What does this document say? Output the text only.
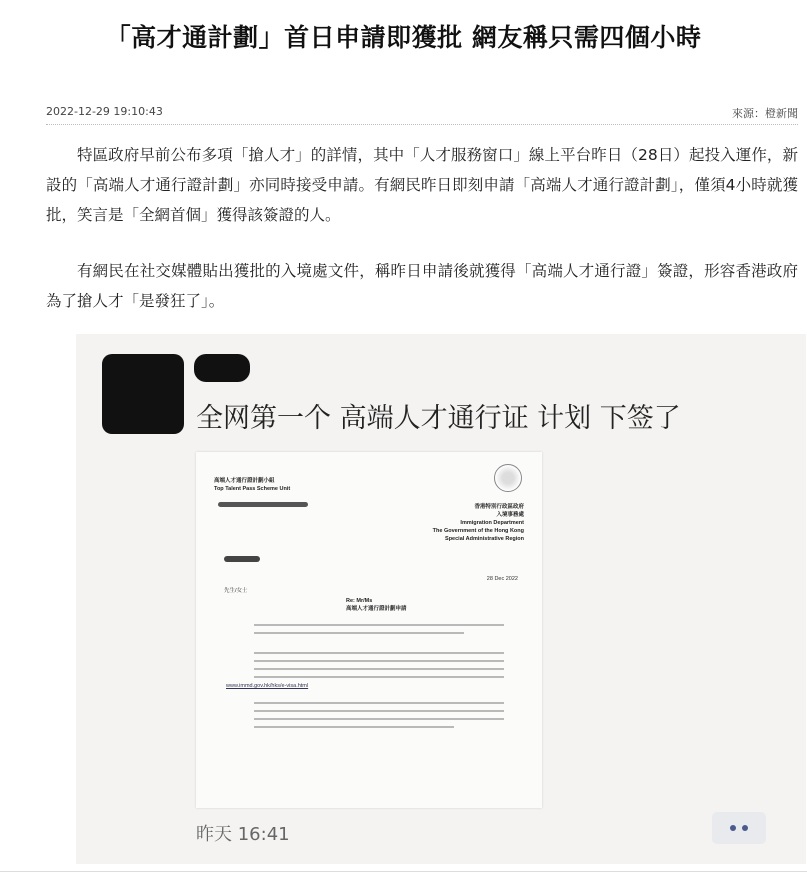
「高才通計劃」首日申請即獲批 網友稱只需四個小時
2022-12-29 19:10:43	來源：橙新聞

特區政府早前公布多項「搶人才」的詳情，其中「人才服務窗口」線上平台昨日（28日）起投入運作，新設的「高端人才通行證計劃」亦同時接受申請。有網民昨日即刻申請「高端人才通行證計劃」，僅須4小時就獲批，笑言是「全網首個」獲得該簽證的人。

有網民在社交媒體貼出獲批的入境處文件，稱昨日申請後就獲得「高端人才通行證」簽證，形容香港政府為了搶人才「是發狂了」。

全网第一个 高端人才通行证 计划 下签了
高端人才通行證計劃小組
Top Talent Pass Scheme Unit
香港特別行政區政府
入境事務處
Immigration Department
The Government of the Hong Kong
Special Administrative Region
28 Dec 2022
先生/女士
Re: Mr/Ms
高端人才通行證計劃申請
www.immd.gov.hk/hks/e-visa.html
昨天 16:41
